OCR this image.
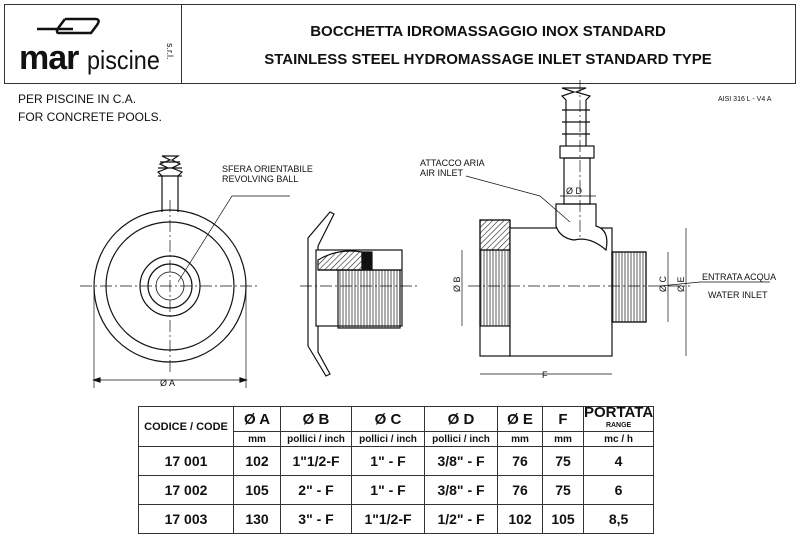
mar piscine s.r.l.
BOCCHETTA IDROMASSAGGIO INOX STANDARD
STAINLESS STEEL HYDROMASSAGE INLET STANDARD TYPE
PER PISCINE IN C.A.
FOR CONCRETE POOLS.
AISI 316 L - V4 A
SFERA ORIENTABILE
REVOLVING BALL
ATTACCO ARIA
AIR INLET
ENTRATA ACQUA
WATER INLET
Ø A
Ø D
F
Ø B	Ø C Ø E
CODICE / CODE	Ø A	Ø B	Ø C	Ø D	Ø E	F	PORTATA
RANGE
	mm	pollici / inch	pollici / inch	pollici / inch	mm	mm	mc / h
17 001	102	1"1/2-F	1" - F	3/8" - F	76	75	4
17 002	105	2" - F	1" - F	3/8" - F	76	75	6
17 003	130	3" - F	1"1/2-F	1/2" - F	102	105	8,5
